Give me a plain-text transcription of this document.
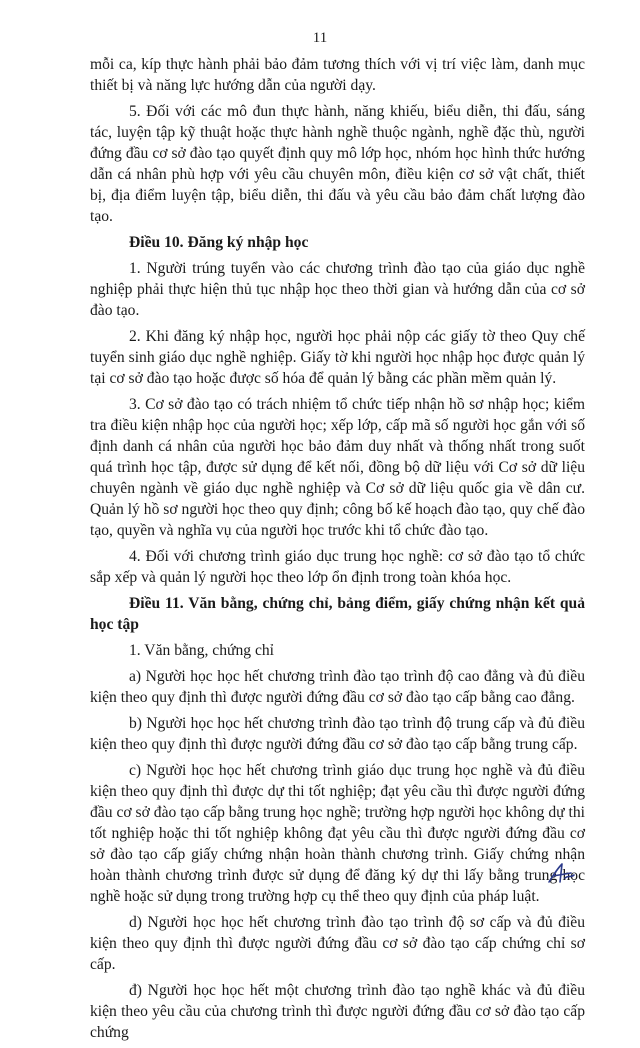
11

mỗi ca, kíp thực hành phải bảo đảm tương thích với vị trí việc làm, danh mục thiết bị và năng lực hướng dẫn của người dạy.

5. Đối với các mô đun thực hành, năng khiếu, biểu diễn, thi đấu, sáng tác, luyện tập kỹ thuật hoặc thực hành nghề thuộc ngành, nghề đặc thù, người đứng đầu cơ sở đào tạo quyết định quy mô lớp học, nhóm học hình thức hướng dẫn cá nhân phù hợp với yêu cầu chuyên môn, điều kiện cơ sở vật chất, thiết bị, địa điểm luyện tập, biểu diễn, thi đấu và yêu cầu bảo đảm chất lượng đào tạo.

Điều 10. Đăng ký nhập học

1. Người trúng tuyển vào các chương trình đào tạo của giáo dục nghề nghiệp phải thực hiện thủ tục nhập học theo thời gian và hướng dẫn của cơ sở đào tạo.

2. Khi đăng ký nhập học, người học phải nộp các giấy tờ theo Quy chế tuyển sinh giáo dục nghề nghiệp. Giấy tờ khi người học nhập học được quản lý tại cơ sở đào tạo hoặc được số hóa để quản lý bằng các phần mềm quản lý.

3. Cơ sở đào tạo có trách nhiệm tổ chức tiếp nhận hồ sơ nhập học; kiểm tra điều kiện nhập học của người học; xếp lớp, cấp mã số người học gắn với số định danh cá nhân của người học bảo đảm duy nhất và thống nhất trong suốt quá trình học tập, được sử dụng để kết nối, đồng bộ dữ liệu với Cơ sở dữ liệu chuyên ngành về giáo dục nghề nghiệp và Cơ sở dữ liệu quốc gia về dân cư. Quản lý hồ sơ người học theo quy định; công bố kế hoạch đào tạo, quy chế đào tạo, quyền và nghĩa vụ của người học trước khi tổ chức đào tạo.

4. Đối với chương trình giáo dục trung học nghề: cơ sở đào tạo tổ chức sắp xếp và quản lý người học theo lớp ổn định trong toàn khóa học.

Điều 11. Văn bằng, chứng chỉ, bảng điểm, giấy chứng nhận kết quả học tập

1. Văn bằng, chứng chỉ

a) Người học học hết chương trình đào tạo trình độ cao đẳng và đủ điều kiện theo quy định thì được người đứng đầu cơ sở đào tạo cấp bằng cao đẳng.

b) Người học học hết chương trình đào tạo trình độ trung cấp và đủ điều kiện theo quy định thì được người đứng đầu cơ sở đào tạo cấp bằng trung cấp.

c) Người học học hết chương trình giáo dục trung học nghề và đủ điều kiện theo quy định thì được dự thi tốt nghiệp; đạt yêu cầu thì được người đứng đầu cơ sở đào tạo cấp bằng trung học nghề; trường hợp người học không dự thi tốt nghiệp hoặc thi tốt nghiệp không đạt yêu cầu thì được người đứng đầu cơ sở đào tạo cấp giấy chứng nhận hoàn thành chương trình. Giấy chứng nhận hoàn thành chương trình được sử dụng để đăng ký dự thi lấy bằng trung học nghề hoặc sử dụng trong trường hợp cụ thể theo quy định của pháp luật.

d) Người học học hết chương trình đào tạo trình độ sơ cấp và đủ điều kiện theo quy định thì được người đứng đầu cơ sở đào tạo cấp chứng chỉ sơ cấp.

đ) Người học học hết một chương trình đào tạo nghề khác và đủ điều kiện theo yêu cầu của chương trình thì được người đứng đầu cơ sở đào tạo cấp chứng
